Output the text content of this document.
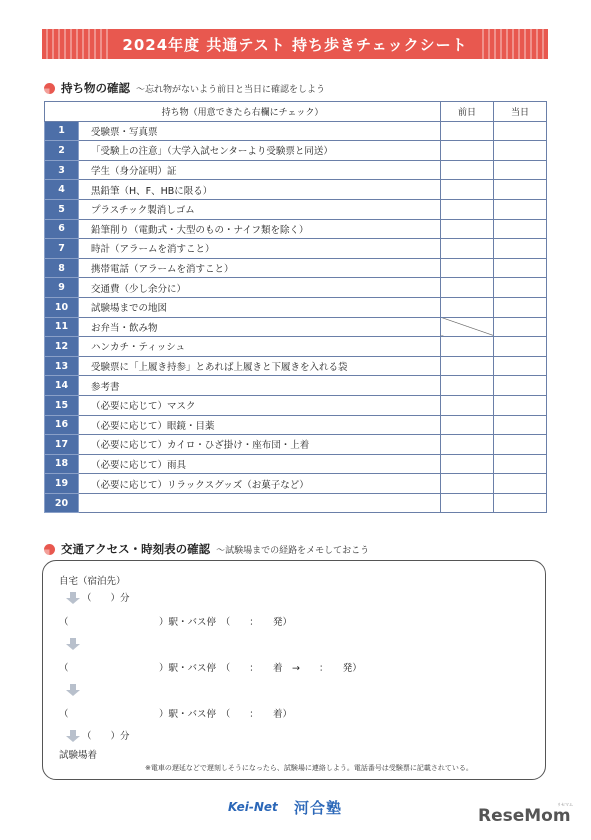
2024年度 共通テスト 持ち歩きチェックシート
持ち物の確認 ～忘れ物がないよう前日と当日に確認をしよう
持ち物（用意できたら右欄にチェック）		前日	当日
1	受験票・写真票		
2	「受験上の注意」（大学入試センターより受験票と同送）		
3	学生（身分証明）証		
4	黒鉛筆（H、F、HBに限る）		
5	プラスチック製消しゴム		
6	鉛筆削り（電動式・大型のもの・ナイフ類を除く）		
7	時計（アラームを消すこと）		
8	携帯電話（アラームを消すこと）		
9	交通費（少し余分に）		
10	試験場までの地図		
11	お弁当・飲み物		
12	ハンカチ・ティッシュ		
13	受験票に「上履き持参」とあれば上履きと下履きを入れる袋		
14	参考書		
15	（必要に応じて）マスク		
16	（必要に応じて）眼鏡・目薬		
17	（必要に応じて）カイロ・ひざ掛け・座布団・上着		
18	（必要に応じて）雨具		
19	（必要に応じて）リラックスグッズ（お菓子など）		
20			
交通アクセス・時刻表の確認 ～試験場までの経路をメモしておこう
自宅（宿泊先）
（　　）分
（	）駅・バス停　（　　：　　発）
（	）駅・バス停　（　　：　　着　→　　：　　発）
（	）駅・バス停　（　　：　　着）
（　　）分
試験場着
※電車の遅延などで遅刻しそうになったら、試験場に連絡しよう。電話番号は受験票に記載されている。
Kei-Net 河合塾	ReseMom
リセマム
